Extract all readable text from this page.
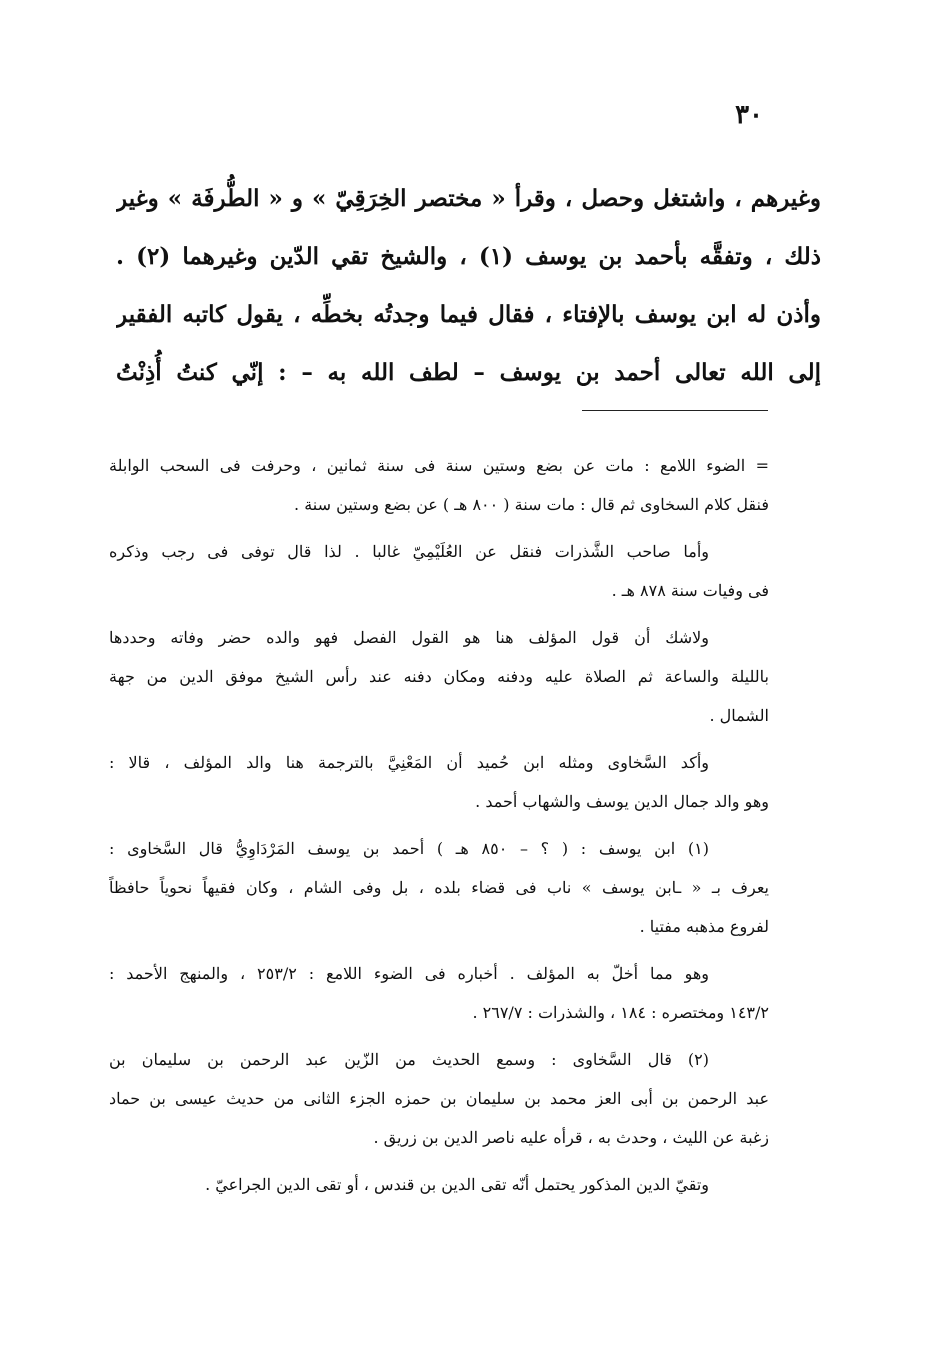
٣٠
وغيرهم ، واشتغل وحصل ، وقرأ « مختصر الخِرَقِيّ » و « الطُّرفَة » وغير
ذلك ، وتفقَّه بأحمد بن يوسف (١) ، والشيخ تقي الدّين وغيرهما (٢) .
وأذن له ابن يوسف بالإفتاء ، فقال فيما وجدتُه بخطِّه ، يقول كاتبه الفقير
إلى الله تعالى أحمد بن يوسف – لطف الله به – : إنّي كنتُ أُذِنْتُ
= الضوء اللامع : مات عن بضع وستين سنة فى سنة ثمانين ، وحرفت فى السحب الوابلة
فنقل كلام السخاوى ثم قال : مات سنة ( ٨٠٠ هـ ) عن بضع وستين سنة .
وأما صاحب الشَّذرات فنقل عن العُلَيْمِيّ غالبا . لذا قال توفى فى رجب وذكره
فى وفيات سنة ٨٧٨ هـ .
ولاشك أن قول المؤلف هنا هو القول الفصل فهو والده حضر وفاته وحددها
بالليلة والساعة ثم الصلاة عليه ودفنه ومكان دفنه عند رأس الشيخ موفق الدين من جهة
الشمال .
وأكد السَّخاوى ومثله ابن حُميد أن المَعْنِيَّ بالترجمة هنا والد المؤلف ، قالا :
وهو والد جمال الدين يوسف والشهاب أحمد .
(١) ابن يوسف : ( ؟ – ٨٥٠ هـ ) أحمد بن يوسف المَرْدَاوِيُّ قال السَّخاوى :
يعرف بـ « ـابن يوسف » ناب فى قضاء بلده ، بل وفى الشام ، وكان فقيهاً نحوياً حافظاً
لفروع مذهبه مفتيا .
وهو مما أخلّ به المؤلف . أخباره فى الضوء اللامع : ٢٥٣/٢ ، والمنهج الأحمد :
١٤٣/٢ ومختصره : ١٨٤ ، والشذرات : ٢٦٧/٧ .
(٢) قال السَّخاوى : وسمع الحديث من الزّين عبد الرحمن بن سليمان بن
عبد الرحمن بن أبى العز محمد بن سليمان بن حمزه الجزء الثانى من حديث عيسى بن حماد
زغبة عن الليث ، وحدث به ، قرأه عليه ناصر الدين بن زريق .
وتقيّ الدين المذكور يحتمل أنّه تقى الدين بن قندس ، أو تقى الدين الجراعيّ .
